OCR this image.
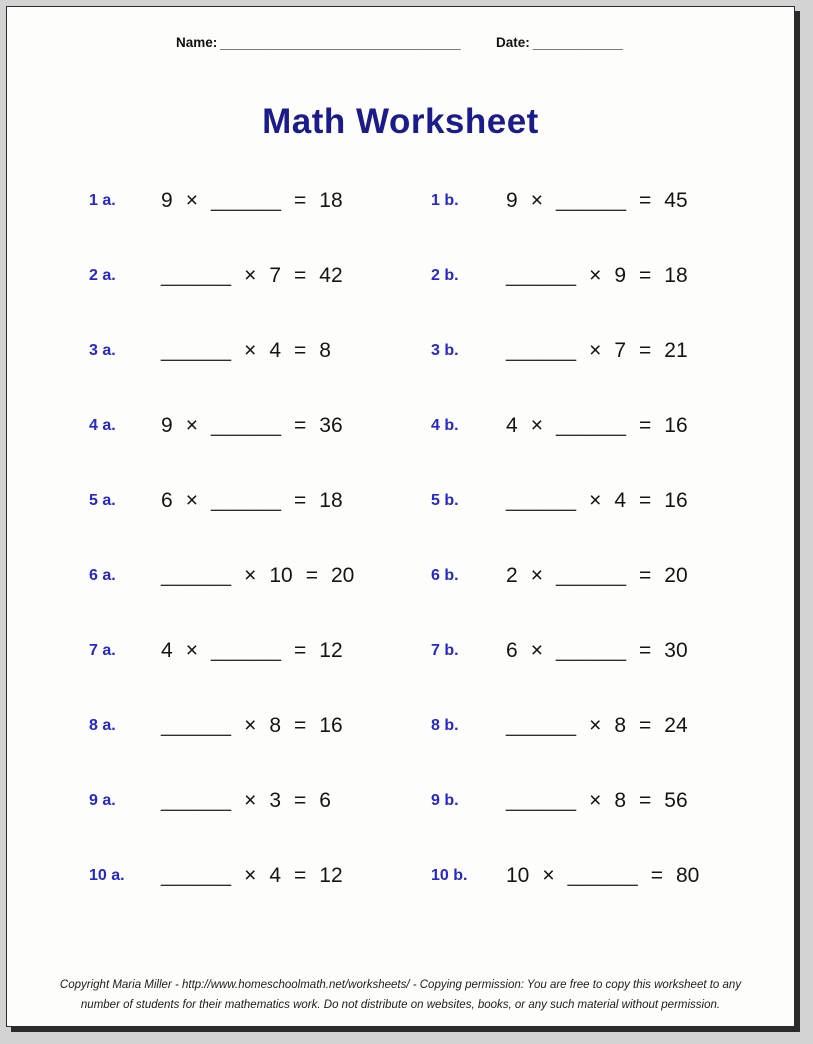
Name: ________________________________	Date: ____________
Math Worksheet
1 a.	9 × ______ = 18	1 b.	9 × ______ = 45
2 a.	______ × 7 = 42	2 b.	______ × 9 = 18
3 a.	______ × 4 = 8	3 b.	______ × 7 = 21
4 a.	9 × ______ = 36	4 b.	4 × ______ = 16
5 a.	6 × ______ = 18	5 b.	______ × 4 = 16
6 a.	______ × 10 = 20	6 b.	2 × ______ = 20
7 a.	4 × ______ = 12	7 b.	6 × ______ = 30
8 a.	______ × 8 = 16	8 b.	______ × 8 = 24
9 a.	______ × 3 = 6	9 b.	______ × 8 = 56
10 a.	______ × 4 = 12	10 b.	10 × ______ = 80
Copyright Maria Miller - http://www.homeschoolmath.net/worksheets/ - Copying permission: You are free to copy this worksheet to any
number of students for their mathematics work. Do not distribute on websites, books, or any such material without permission.
